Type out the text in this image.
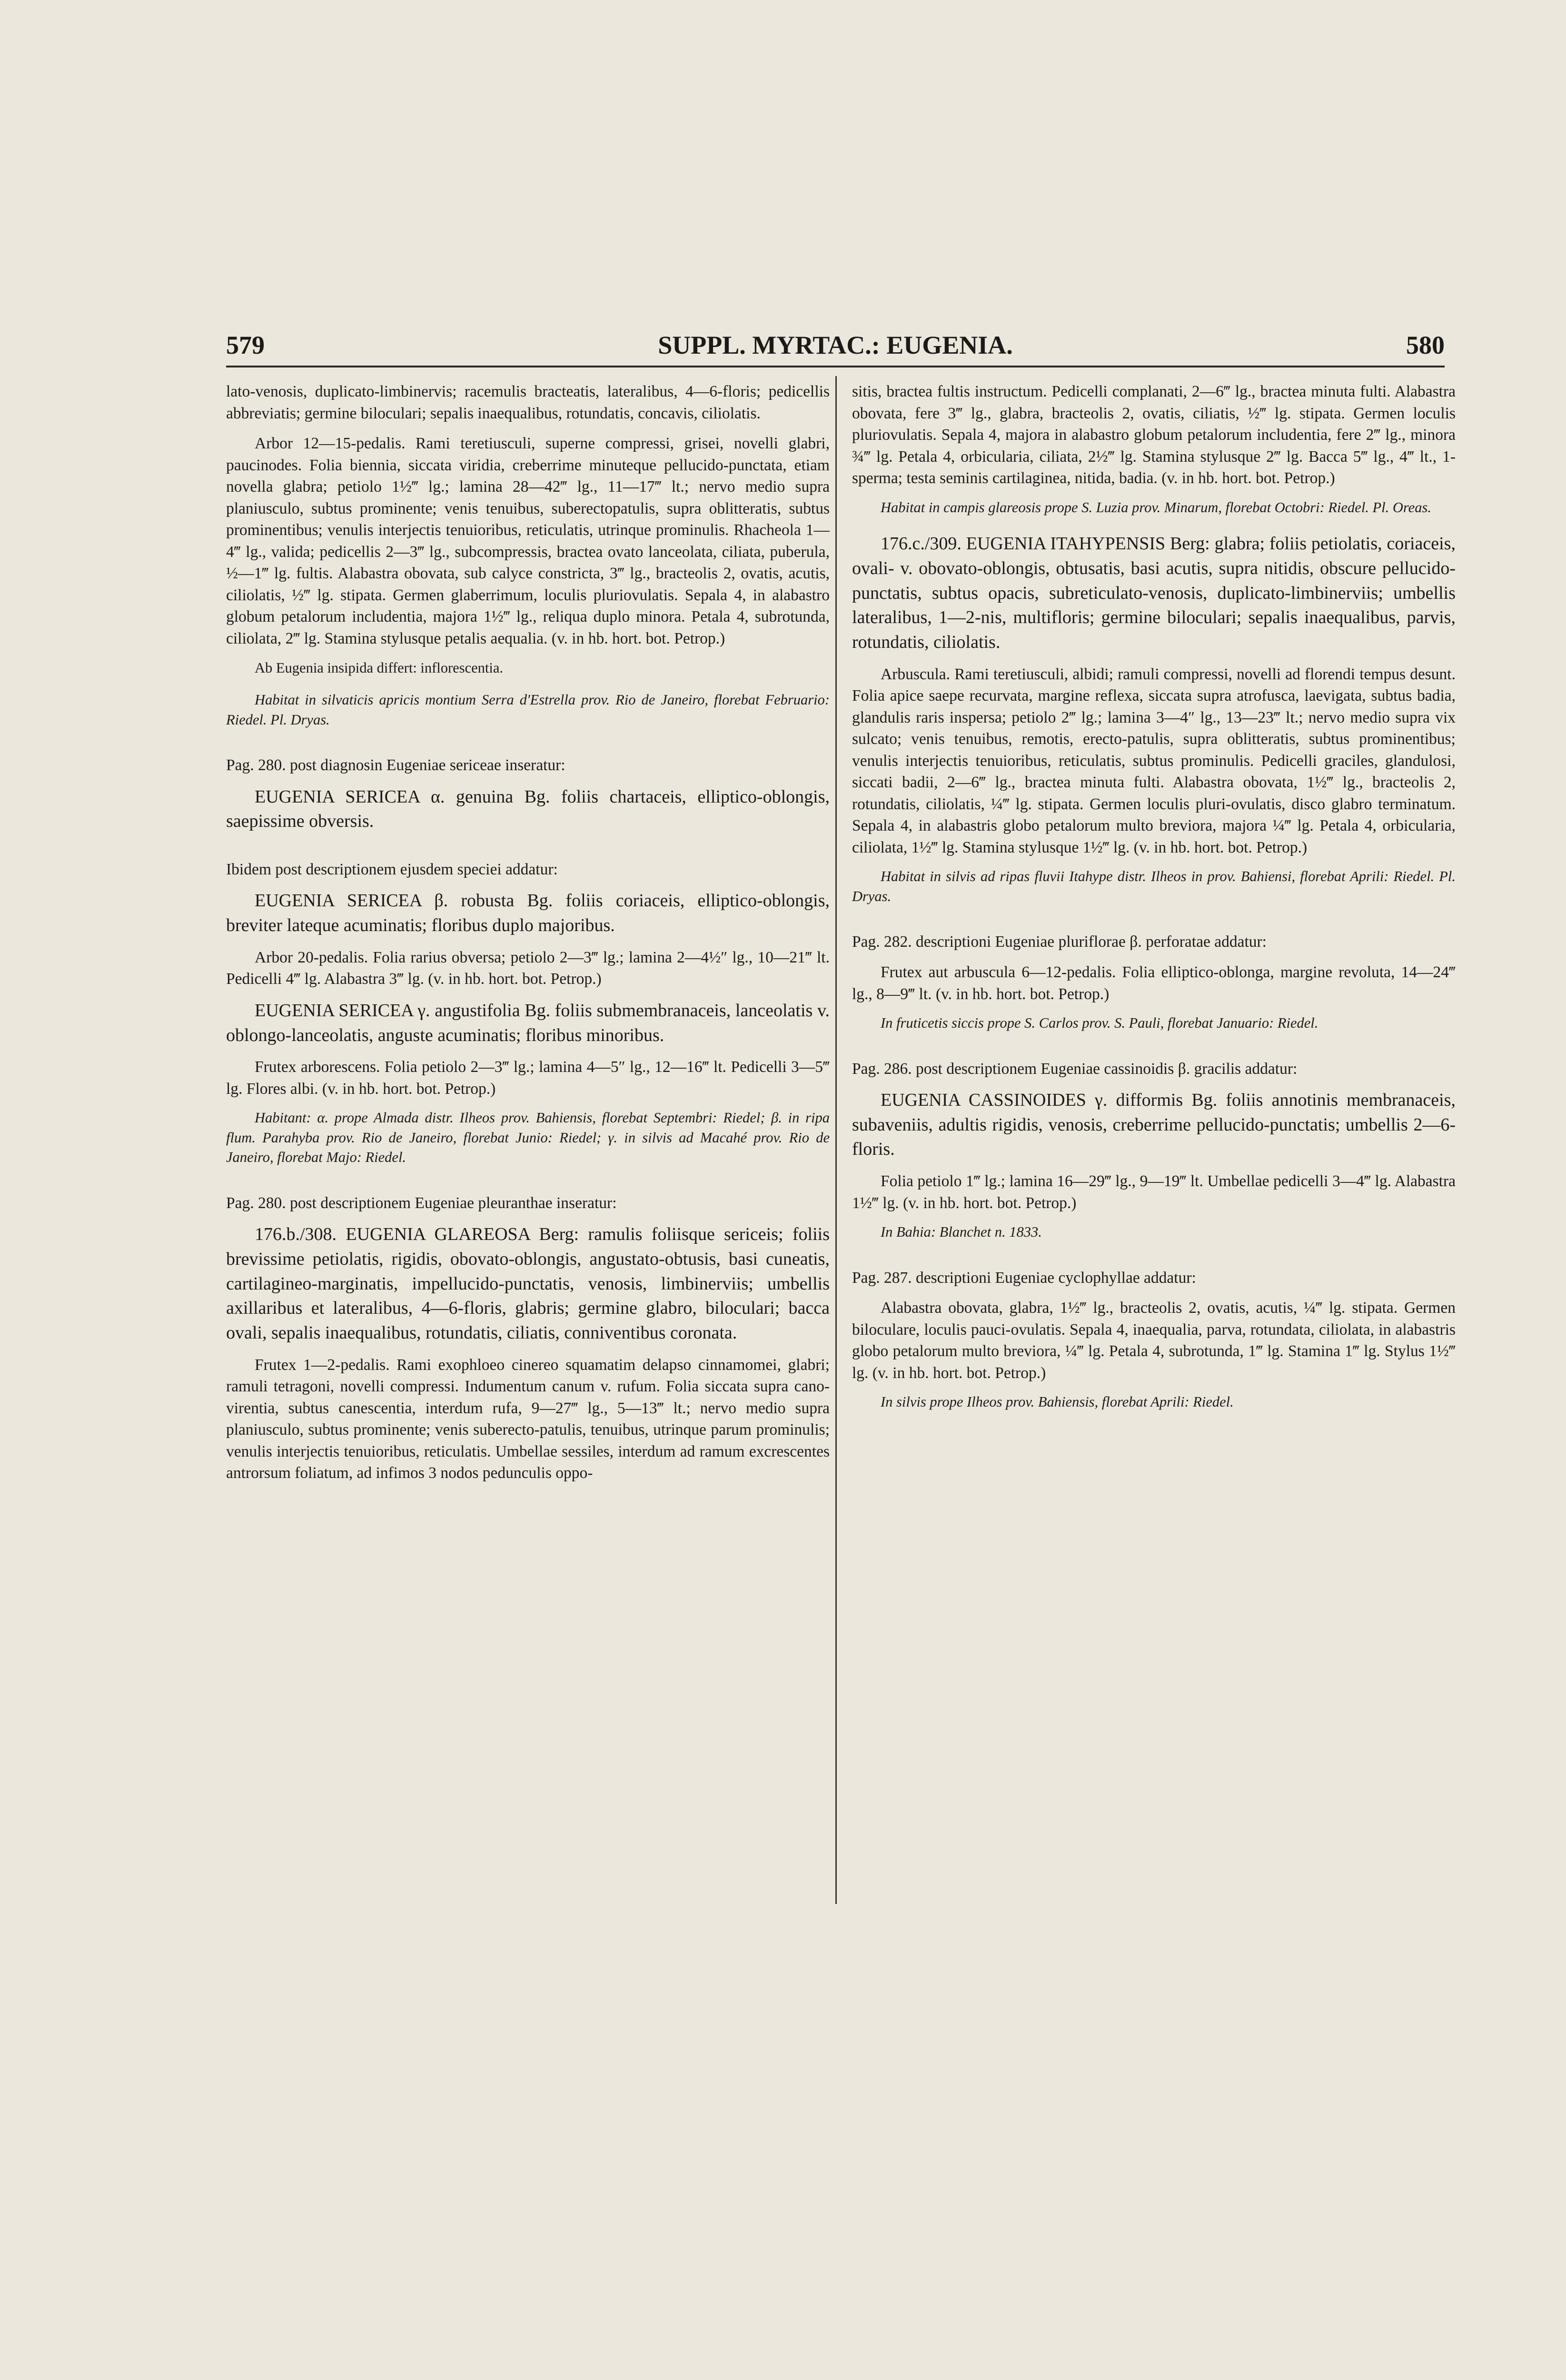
579	SUPPL. MYRTAC.: EUGENIA.	580

lato-venosis, duplicato-limbinervis; racemulis bracteatis, lateralibus, 4—6-floris; pedicellis abbreviatis; germine biloculari; sepalis inaequalibus, rotundatis, concavis, ciliolatis.

Arbor 12—15-pedalis. Rami teretiusculi, superne compressi, grisei, novelli glabri, paucinodes. Folia biennia, siccata viridia, creberrime minuteque pellucido-punctata, etiam novella glabra; petiolo 1½‴ lg.; lamina 28—42‴ lg., 11—17‴ lt.; nervo medio supra planiusculo, subtus prominente; venis tenuibus, suberectopatulis, supra oblitteratis, subtus prominentibus; venulis interjectis tenuioribus, reticulatis, utrinque prominulis. Rhacheola 1—4‴ lg., valida; pedicellis 2—3‴ lg., subcompressis, bractea ovato lanceolata, ciliata, puberula, ½—1‴ lg. fultis. Alabastra obovata, sub calyce constricta, 3‴ lg., bracteolis 2, ovatis, acutis, ciliolatis, ½‴ lg. stipata. Germen glaberrimum, loculis pluriovulatis. Sepala 4, in alabastro globum petalorum includentia, majora 1½‴ lg., reliqua duplo minora. Petala 4, subrotunda, ciliolata, 2‴ lg. Stamina stylusque petalis aequalia. (v. in hb. hort. bot. Petrop.)

Ab Eugenia insipida differt: inflorescentia.

Habitat in silvaticis apricis montium Serra d'Estrella prov. Rio de Janeiro, florebat Februario: Riedel. Pl. Dryas.

Pag. 280. post diagnosin Eugeniae sericeae inseratur:

EUGENIA SERICEA α. genuina Bg. foliis chartaceis, elliptico-oblongis, saepissime obversis.

Ibidem post descriptionem ejusdem speciei addatur:

EUGENIA SERICEA β. robusta Bg. foliis coriaceis, elliptico-oblongis, breviter lateque acuminatis; floribus duplo majoribus.

Arbor 20-pedalis. Folia rarius obversa; petiolo 2—3‴ lg.; lamina 2—4½″ lg., 10—21‴ lt. Pedicelli 4‴ lg. Alabastra 3‴ lg. (v. in hb. hort. bot. Petrop.)

EUGENIA SERICEA γ. angustifolia Bg. foliis submembranaceis, lanceolatis v. oblongo-lanceolatis, anguste acuminatis; floribus minoribus.

Frutex arborescens. Folia petiolo 2—3‴ lg.; lamina 4—5″ lg., 12—16‴ lt. Pedicelli 3—5‴ lg. Flores albi. (v. in hb. hort. bot. Petrop.)

Habitant: α. prope Almada distr. Ilheos prov. Bahiensis, florebat Septembri: Riedel; β. in ripa flum. Parahyba prov. Rio de Janeiro, florebat Junio: Riedel; γ. in silvis ad Macahé prov. Rio de Janeiro, florebat Majo: Riedel.

Pag. 280. post descriptionem Eugeniae pleuranthae inseratur:

176.b./308. EUGENIA GLAREOSA Berg: ramulis foliisque sericeis; foliis brevissime petiolatis, rigidis, obovato-oblongis, angustato-obtusis, basi cuneatis, cartilagineo-marginatis, impellucido-punctatis, venosis, limbinerviis; umbellis axillaribus et lateralibus, 4—6-floris, glabris; germine glabro, biloculari; bacca ovali, sepalis inaequalibus, rotundatis, ciliatis, conniventibus coronata.

Frutex 1—2-pedalis. Rami exophloeo cinereo squamatim delapso cinnamomei, glabri; ramuli tetragoni, novelli compressi. Indumentum canum v. rufum. Folia siccata supra cano-virentia, subtus canescentia, interdum rufa, 9—27‴ lg., 5—13‴ lt.; nervo medio supra planiusculo, subtus prominente; venis suberecto-patulis, tenuibus, utrinque parum prominulis; venulis interjectis tenuioribus, reticulatis. Umbellae sessiles, interdum ad ramum excrescentes antrorsum foliatum, ad infimos 3 nodos pedunculis oppo-

sitis, bractea fultis instructum. Pedicelli complanati, 2—6‴ lg., bractea minuta fulti. Alabastra obovata, fere 3‴ lg., glabra, bracteolis 2, ovatis, ciliatis, ½‴ lg. stipata. Germen loculis pluriovulatis. Sepala 4, majora in alabastro globum petalorum includentia, fere 2‴ lg., minora ¾‴ lg. Petala 4, orbicularia, ciliata, 2½‴ lg. Stamina stylusque 2‴ lg. Bacca 5‴ lg., 4‴ lt., 1-sperma; testa seminis cartilaginea, nitida, badia. (v. in hb. hort. bot. Petrop.)

Habitat in campis glareosis prope S. Luzia prov. Minarum, florebat Octobri: Riedel. Pl. Oreas.

176.c./309. EUGENIA ITAHYPENSIS Berg: glabra; foliis petiolatis, coriaceis, ovali- v. obovato-oblongis, obtusatis, basi acutis, supra nitidis, obscure pellucido-punctatis, subtus opacis, subreticulato-venosis, duplicato-limbinerviis; umbellis lateralibus, 1—2-nis, multifloris; germine biloculari; sepalis inaequalibus, parvis, rotundatis, ciliolatis.

Arbuscula. Rami teretiusculi, albidi; ramuli compressi, novelli ad florendi tempus desunt. Folia apice saepe recurvata, margine reflexa, siccata supra atrofusca, laevigata, subtus badia, glandulis raris inspersa; petiolo 2‴ lg.; lamina 3—4″ lg., 13—23‴ lt.; nervo medio supra vix sulcato; venis tenuibus, remotis, erecto-patulis, supra oblitteratis, subtus prominentibus; venulis interjectis tenuioribus, reticulatis, subtus prominulis. Pedicelli graciles, glandulosi, siccati badii, 2—6‴ lg., bractea minuta fulti. Alabastra obovata, 1½‴ lg., bracteolis 2, rotundatis, ciliolatis, ¼‴ lg. stipata. Germen loculis pluri-ovulatis, disco glabro terminatum. Sepala 4, in alabastris globo petalorum multo breviora, majora ¼‴ lg. Petala 4, orbicularia, ciliolata, 1½‴ lg. Stamina stylusque 1½‴ lg. (v. in hb. hort. bot. Petrop.)

Habitat in silvis ad ripas fluvii Itahype distr. Ilheos in prov. Bahiensi, florebat Aprili: Riedel. Pl. Dryas.

Pag. 282. descriptioni Eugeniae pluriflorae β. perforatae addatur:

Frutex aut arbuscula 6—12-pedalis. Folia elliptico-oblonga, margine revoluta, 14—24‴ lg., 8—9‴ lt. (v. in hb. hort. bot. Petrop.)

In fruticetis siccis prope S. Carlos prov. S. Pauli, florebat Januario: Riedel.

Pag. 286. post descriptionem Eugeniae cassinoidis β. gracilis addatur:

EUGENIA CASSINOIDES γ. difformis Bg. foliis annotinis membranaceis, subaveniis, adultis rigidis, venosis, creberrime pellucido-punctatis; umbellis 2—6-floris.

Folia petiolo 1‴ lg.; lamina 16—29‴ lg., 9—19‴ lt. Umbellae pedicelli 3—4‴ lg. Alabastra 1½‴ lg. (v. in hb. hort. bot. Petrop.)

In Bahia: Blanchet n. 1833.

Pag. 287. descriptioni Eugeniae cyclophyllae addatur:

Alabastra obovata, glabra, 1½‴ lg., bracteolis 2, ovatis, acutis, ¼‴ lg. stipata. Germen biloculare, loculis pauci-ovulatis. Sepala 4, inaequalia, parva, rotundata, ciliolata, in alabastris globo petalorum multo breviora, ¼‴ lg. Petala 4, subrotunda, 1‴ lg. Stamina 1‴ lg. Stylus 1½‴ lg. (v. in hb. hort. bot. Petrop.)

In silvis prope Ilheos prov. Bahiensis, florebat Aprili: Riedel.
